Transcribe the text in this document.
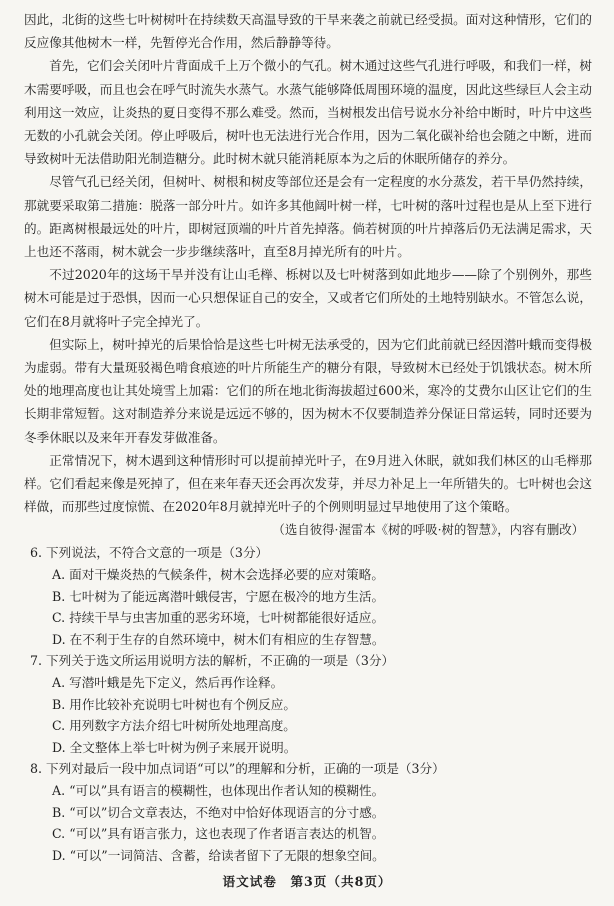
因此，北街的这些七叶树树叶在持续数天高温导致的干旱来袭之前就已经受损。面对这种情形，它们的反应像其他树木一样，先暂停光合作用，然后静静等待。

首先，它们会关闭叶片背面成千上万个微小的气孔。树木通过这些气孔进行呼吸，和我们一样，树木需要呼吸，而且也会在呼气时流失水蒸气。水蒸气能够降低周围环境的温度，因此这些绿巨人会主动利用这一效应，让炎热的夏日变得不那么难受。然而，当树根发出信号说水分补给中断时，叶片中这些无数的小孔就会关闭。停止呼吸后，树叶也无法进行光合作用，因为二氧化碳补给也会随之中断，进而导致树叶无法借助阳光制造糖分。此时树木就只能消耗原本为之后的休眠所储存的养分。

尽管气孔已经关闭，但树叶、树根和树皮等部位还是会有一定程度的水分蒸发，若干旱仍然持续，那就要采取第二措施：脱落一部分叶片。如许多其他阔叶树一样，七叶树的落叶过程也是从上至下进行的。距离树根最远处的叶片，即树冠顶端的叶片首先掉落。倘若树顶的叶片掉落后仍无法满足需求，天上也还不落雨，树木就会一步步继续落叶，直至8月掉光所有的叶片。

不过2020年的这场干旱并没有让山毛榉、栎树以及七叶树落到如此地步——除了个别例外，那些树木可能是过于恐惧，因而一心只想保证自己的安全，又或者它们所处的土地特别缺水。不管怎么说，它们在8月就将叶子完全掉光了。

但实际上，树叶掉光的后果恰恰是这些七叶树无法承受的，因为它们此前就已经因潜叶蛾而变得极为虚弱。带有大量斑驳褐色啃食痕迹的叶片所能生产的糖分有限，导致树木已经处于饥饿状态。树木所处的地理高度也让其处境雪上加霜：它们的所在地北街海拔超过600米，寒冷的艾费尔山区让它们的生长期非常短暂。这对制造养分来说是远远不够的，因为树木不仅要制造养分保证日常运转，同时还要为冬季休眠以及来年开春发芽做准备。

正常情况下，树木遇到这种情形时可以提前掉光叶子，在9月进入休眠，就如我们林区的山毛榉那样。它们看起来像是死掉了，但在来年春天还会再次发芽，并尽力补足上一年所错失的。七叶树也会这样做，而那些过度惊慌、在2020年8月就掉光叶子的个例则明显过早地使用了这个策略。

（选自彼得·渥雷本《树的呼吸·树的智慧》，内容有删改）

6. 下列说法，不符合文意的一项是（3分）

A. 面对干燥炎热的气候条件，树木会选择必要的应对策略。
B. 七叶树为了能远离潜叶蛾侵害，宁愿在极冷的地方生活。
C. 持续干旱与虫害加重的恶劣环境，七叶树都能很好适应。
D. 在不利于生存的自然环境中，树木们有相应的生存智慧。

7. 下列关于选文所运用说明方法的解析，不正确的一项是（3分）

A. 写潜叶蛾是先下定义，然后再作诠释。
B. 用作比较补充说明七叶树也有个例反应。
C. 用列数字方法介绍七叶树所处地理高度。
D. 全文整体上举七叶树为例子来展开说明。

8. 下列对最后一段中加点词语“可以”的理解和分析，正确的一项是（3分）

A. “可以”具有语言的模糊性，也体现出作者认知的模糊性。
B. “可以”切合文章表达，不绝对中恰好体现语言的分寸感。
C. “可以”具有语言张力，这也表现了作者语言表达的机智。
D. “可以”一词简洁、含蓄，给读者留下了无限的想象空间。
语文试卷　第3页（共8页）
